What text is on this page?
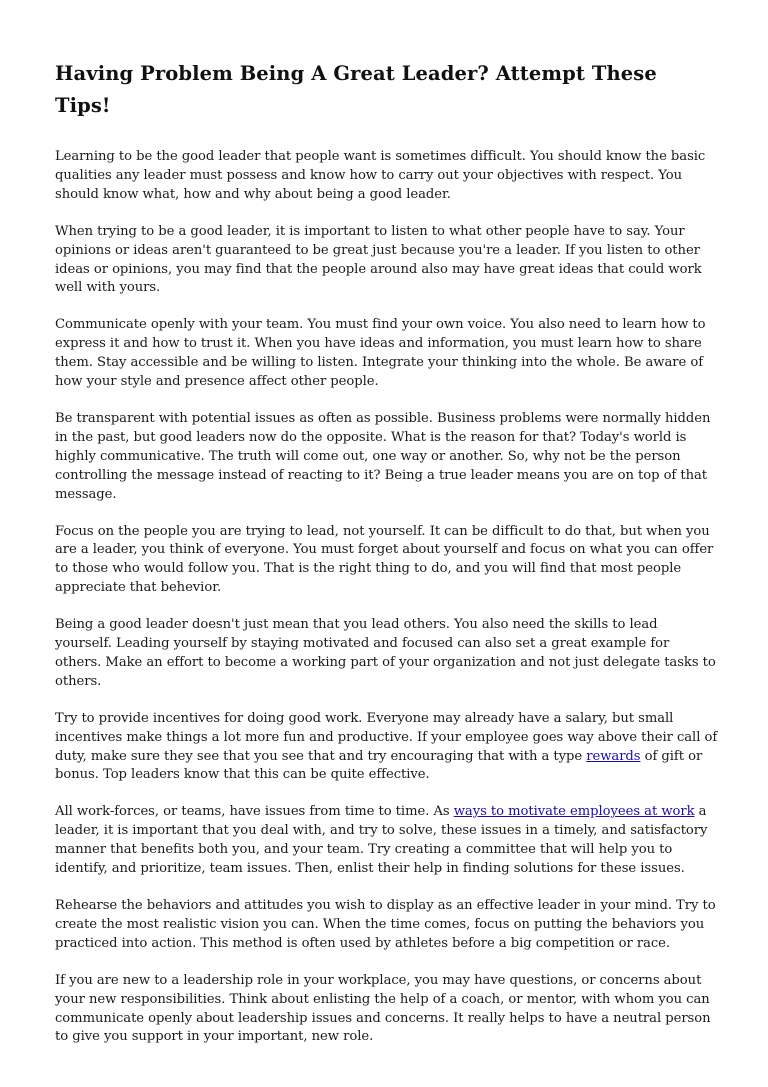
Having Problem Being A Great Leader? Attempt These Tips!

Learning to be the good leader that people want is sometimes difficult. You should know the basic qualities any leader must possess and know how to carry out your objectives with respect. You should know what, how and why about being a good leader.

When trying to be a good leader, it is important to listen to what other people have to say. Your opinions or ideas aren't guaranteed to be great just because you're a leader. If you listen to other ideas or opinions, you may find that the people around also may have great ideas that could work well with yours.

Communicate openly with your team. You must find your own voice. You also need to learn how to express it and how to trust it. When you have ideas and information, you must learn how to share them. Stay accessible and be willing to listen. Integrate your thinking into the whole. Be aware of how your style and presence affect other people.

Be transparent with potential issues as often as possible. Business problems were normally hidden in the past, but good leaders now do the opposite. What is the reason for that? Today's world is highly communicative. The truth will come out, one way or another. So, why not be the person controlling the message instead of reacting to it? Being a true leader means you are on top of that message.

Focus on the people you are trying to lead, not yourself. It can be difficult to do that, but when you are a leader, you think of everyone. You must forget about yourself and focus on what you can offer to those who would follow you. That is the right thing to do, and you will find that most people appreciate that behevior.

Being a good leader doesn't just mean that you lead others. You also need the skills to lead yourself. Leading yourself by staying motivated and focused can also set a great example for others. Make an effort to become a working part of your organization and not just delegate tasks to others.

Try to provide incentives for doing good work. Everyone may already have a salary, but small incentives make things a lot more fun and productive. If your employee goes way above their call of duty, make sure they see that you see that and try encouraging that with a type rewards of gift or bonus. Top leaders know that this can be quite effective.

All work-forces, or teams, have issues from time to time. As ways to motivate employees at work a leader, it is important that you deal with, and try to solve, these issues in a timely, and satisfactory manner that benefits both you, and your team. Try creating a committee that will help you to identify, and prioritize, team issues. Then, enlist their help in finding solutions for these issues.

Rehearse the behaviors and attitudes you wish to display as an effective leader in your mind. Try to create the most realistic vision you can. When the time comes, focus on putting the behaviors you practiced into action. This method is often used by athletes before a big competition or race.

If you are new to a leadership role in your workplace, you may have questions, or concerns about your new responsibilities. Think about enlisting the help of a coach, or mentor, with whom you can communicate openly about leadership issues and concerns. It really helps to have a neutral person to give you support in your important, new role.
